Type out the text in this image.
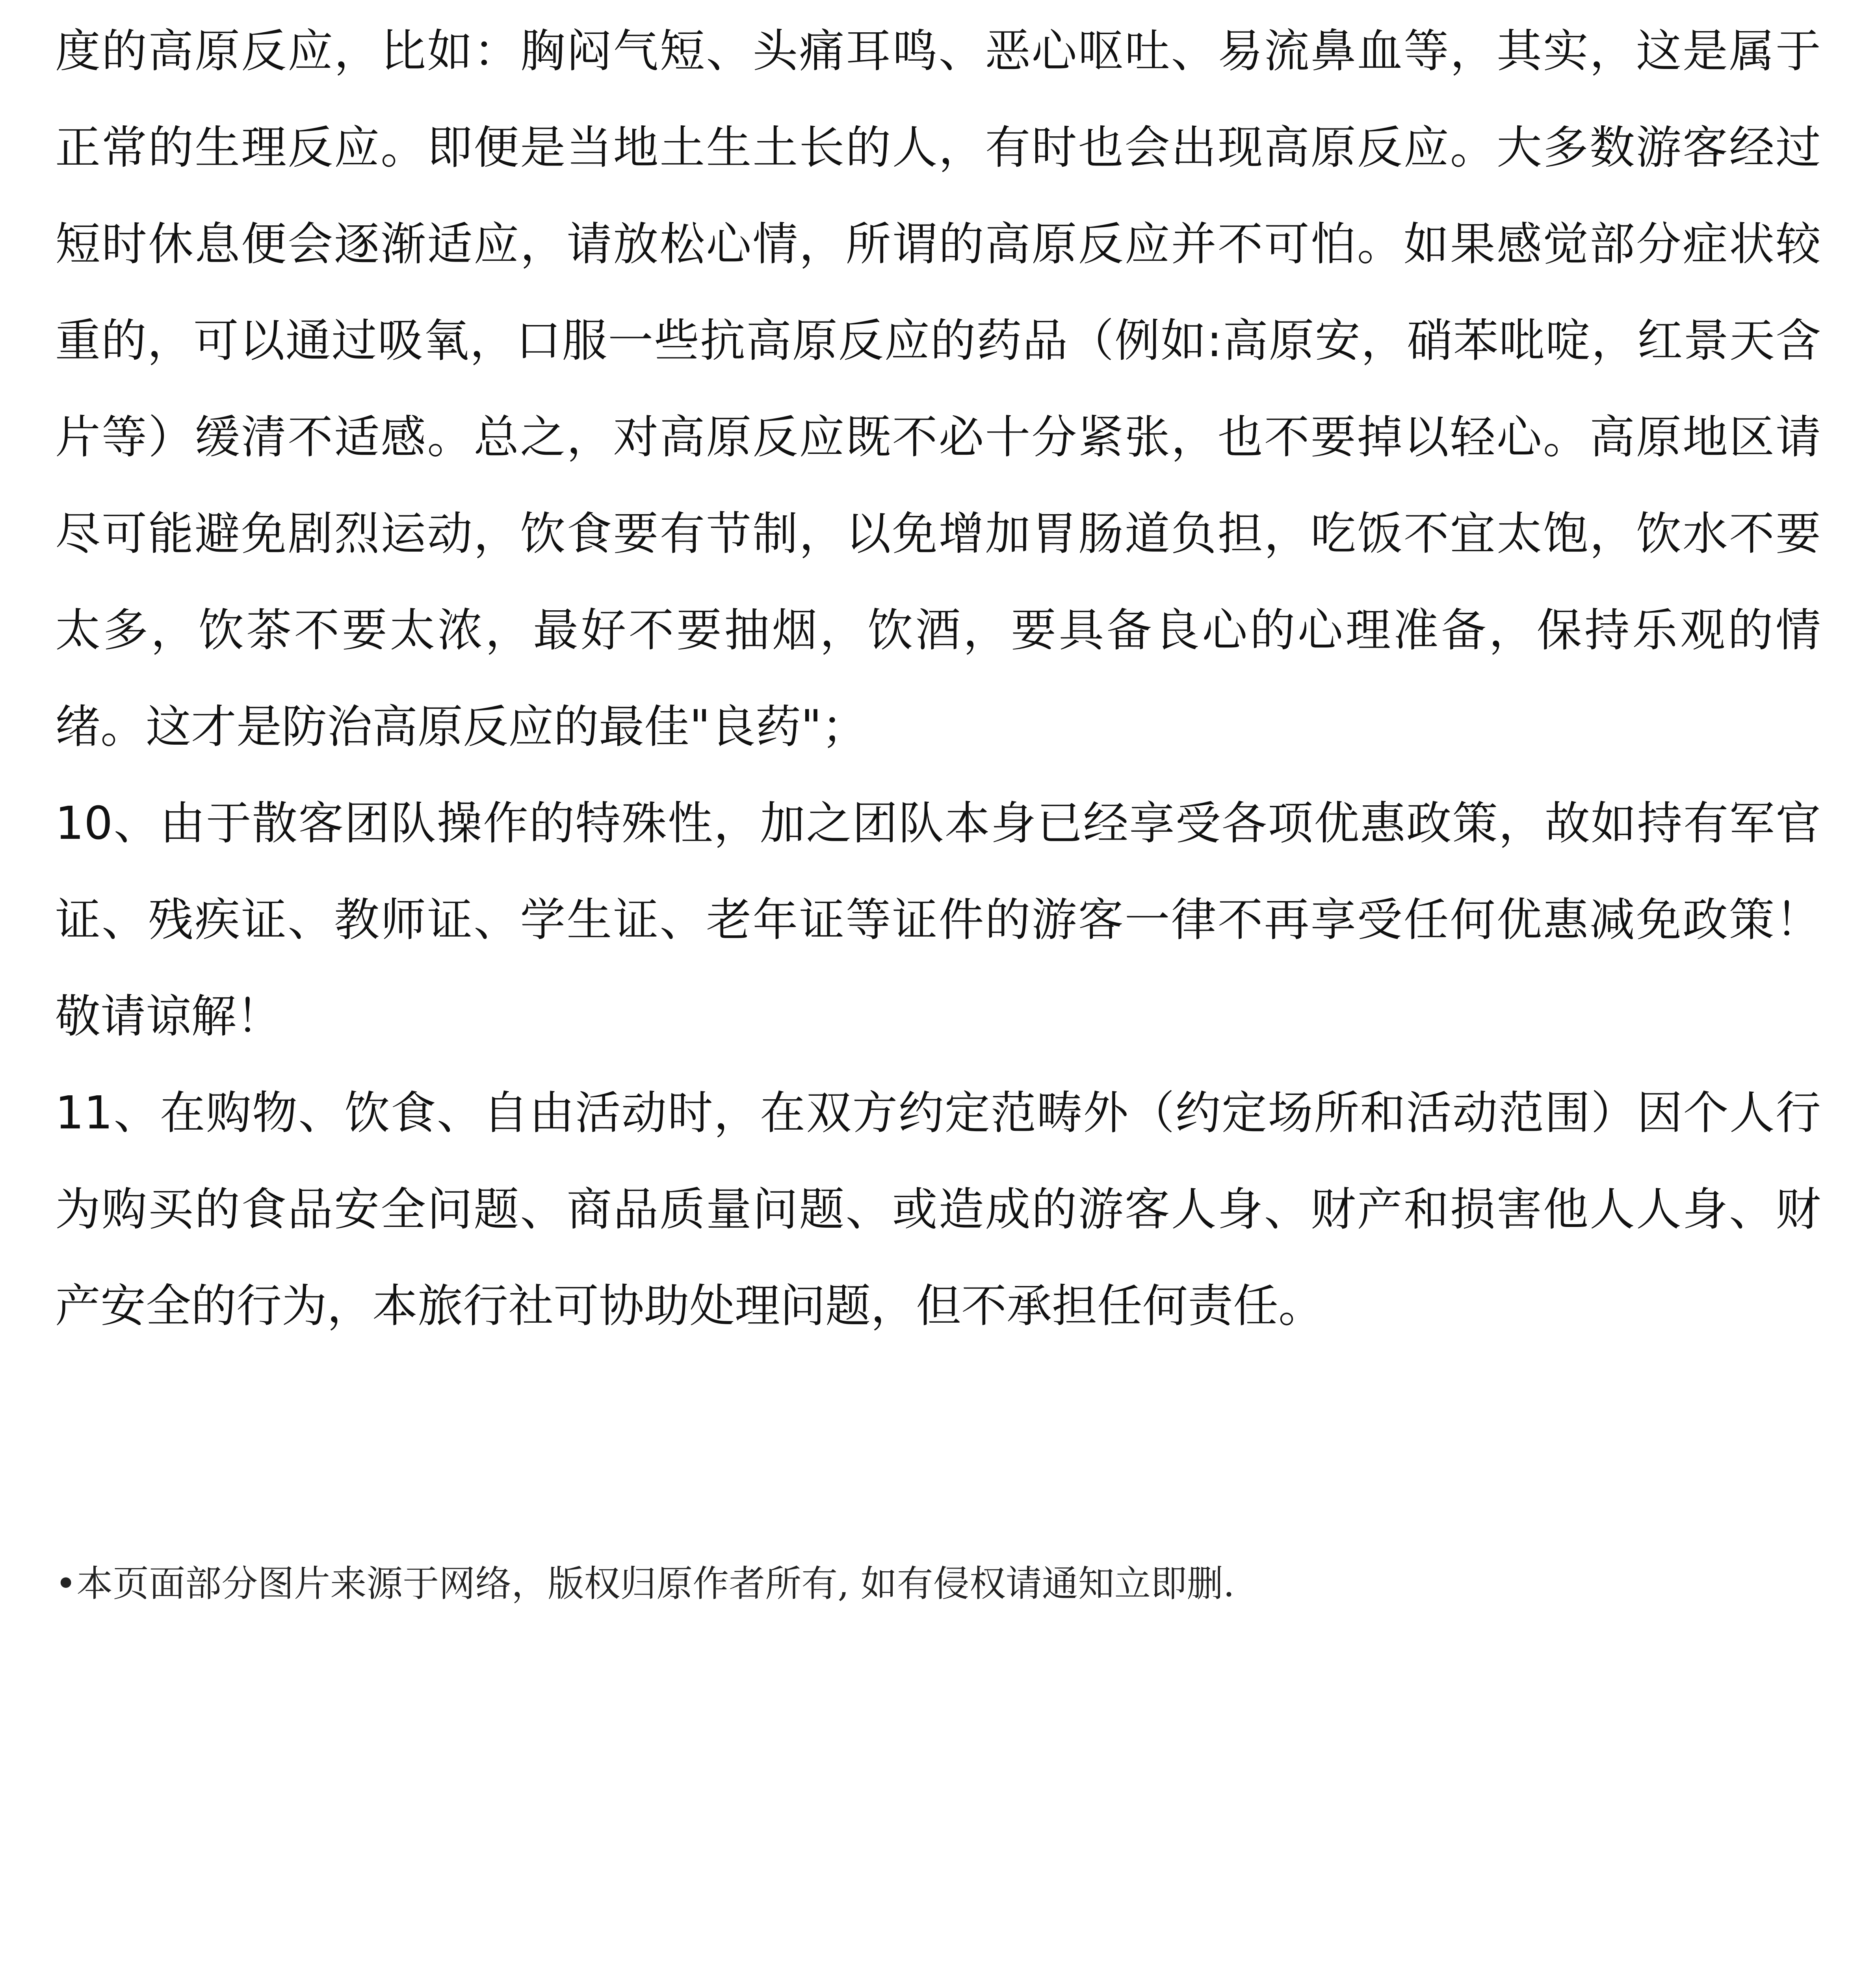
度的高原反应，比如：胸闷气短、头痛耳鸣、恶心呕吐、易流鼻血等，其实，这是属于正常的生理反应。即便是当地土生土长的人，有时也会出现高原反应。大多数游客经过短时休息便会逐渐适应，请放松心情，所谓的高原反应并不可怕。如果感觉部分症状较重的，可以通过吸氧，口服一些抗高原反应的药品（例如:高原安，硝苯吡啶，红景天含片等）缓清不适感。总之，对高原反应既不必十分紧张，也不要掉以轻心。高原地区请尽可能避免剧烈运动，饮食要有节制，以免增加胃肠道负担，吃饭不宜太饱，饮水不要太多，饮茶不要太浓，最好不要抽烟，饮酒，要具备良心的心理准备，保持乐观的情绪。这才是防治高原反应的最佳"良药"；

10、由于散客团队操作的特殊性，加之团队本身已经享受各项优惠政策，故如持有军官证、残疾证、教师证、学生证、老年证等证件的游客一律不再享受任何优惠减免政策！敬请谅解！

11、在购物、饮食、自由活动时，在双方约定范畴外（约定场所和活动范围）因个人行为购买的食品安全问题、商品质量问题、或造成的游客人身、财产和损害他人人身、财产安全的行为，本旅行社可协助处理问题，但不承担任何责任。

•本页面部分图片来源于网络，版权归原作者所有, 如有侵权请通知立即删.
